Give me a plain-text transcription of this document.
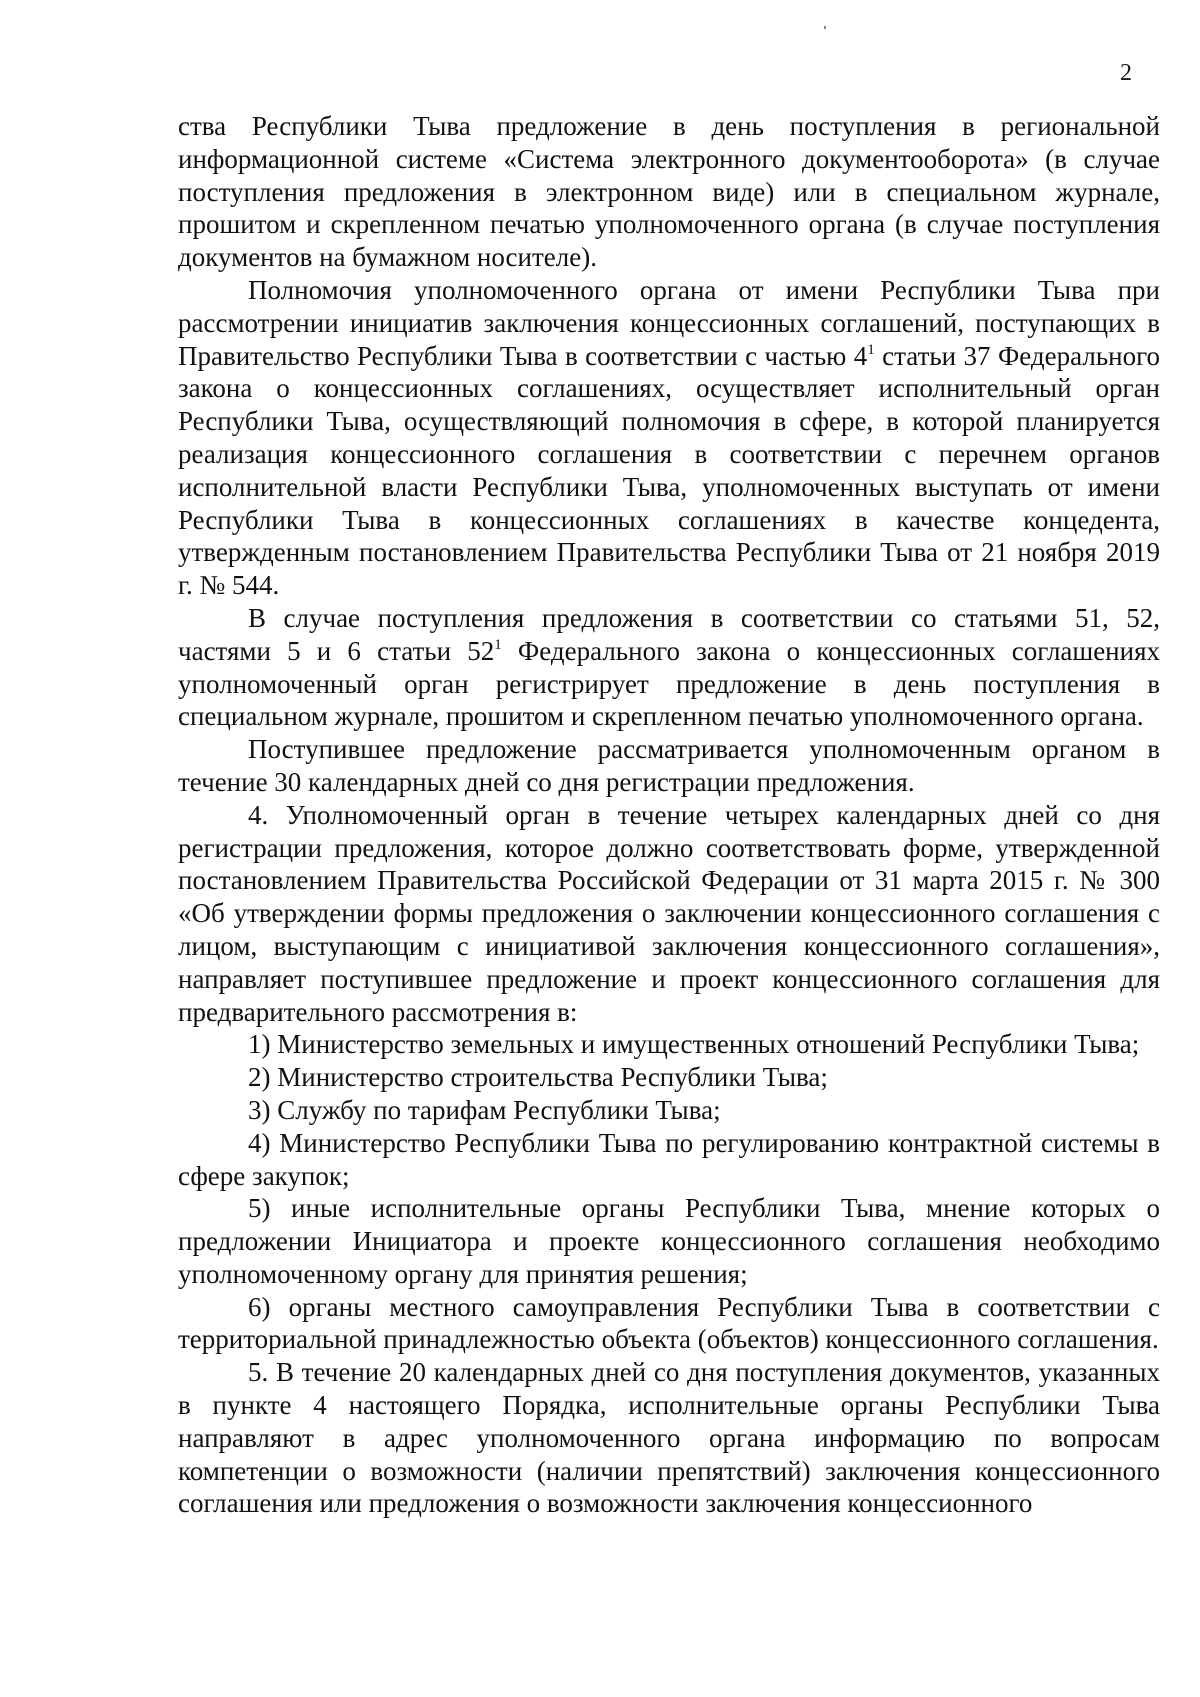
2

ства Республики Тыва предложение в день поступления в региональной информационной системе «Система электронного документооборота» (в случае поступления предложения в электронном виде) или в специальном журнале, прошитом и скрепленном печатью уполномоченного органа (в случае поступления документов на бумажном носителе).

Полномочия уполномоченного органа от имени Республики Тыва при рассмотрении инициатив заключения концессионных соглашений, поступающих в Правительство Республики Тыва в соответствии с частью $4^1$ статьи 37 Федерального закона о концессионных соглашениях, осуществляет исполнительный орган Республики Тыва, осуществляющий полномочия в сфере, в которой планируется реализация концессионного соглашения в соответствии с перечнем органов исполнительной власти Республики Тыва, уполномоченных выступать от имени Республики Тыва в концессионных соглашениях в качестве концедента, утвержденным постановлением Правительства Республики Тыва от 21 ноября 2019 г. № 544.

В случае поступления предложения в соответствии со статьями 51, 52, частями 5 и 6 статьи $52^1$ Федерального закона о концессионных соглашениях уполномоченный орган регистрирует предложение в день поступления в специальном журнале, прошитом и скрепленном печатью уполномоченного органа.

Поступившее предложение рассматривается уполномоченным органом в течение 30 календарных дней со дня регистрации предложения.

4. Уполномоченный орган в течение четырех календарных дней со дня регистрации предложения, которое должно соответствовать форме, утвержденной постановлением Правительства Российской Федерации от 31 марта 2015 г. № 300 «Об утверждении формы предложения о заключении концессионного соглашения с лицом, выступающим с инициативой заключения концессионного соглашения», направляет поступившее предложение и проект концессионного соглашения для предварительного рассмотрения в:

1) Министерство земельных и имущественных отношений Республики Тыва;

2) Министерство строительства Республики Тыва;

3) Службу по тарифам Республики Тыва;

4) Министерство Республики Тыва по регулированию контрактной системы в сфере закупок;

5) иные исполнительные органы Республики Тыва, мнение которых о предложении Инициатора и проекте концессионного соглашения необходимо уполномоченному органу для принятия решения;

6) органы местного самоуправления Республики Тыва в соответствии с территориальной принадлежностью объекта (объектов) концессионного соглашения.

5. В течение 20 календарных дней со дня поступления документов, указанных в пункте 4 настоящего Порядка, исполнительные органы Республики Тыва направляют в адрес уполномоченного органа информацию по вопросам компетенции о возможности (наличии препятствий) заключения концессионного соглашения или предложения о возможности заключения концессионного
